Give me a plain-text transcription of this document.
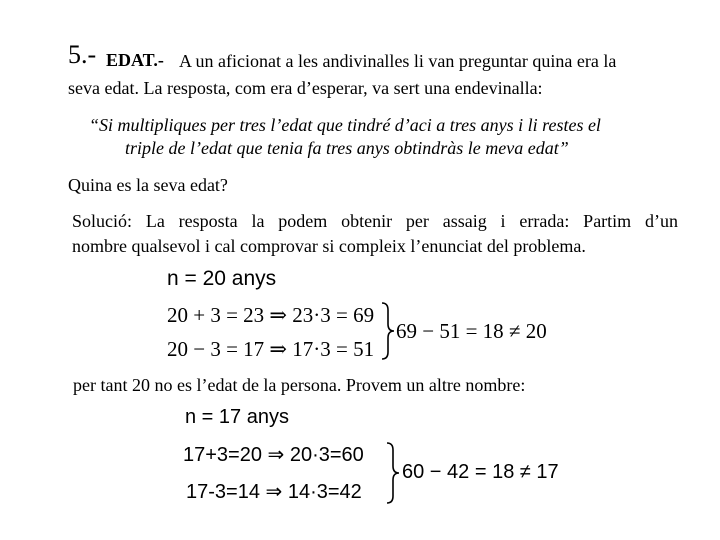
5.- EDAT.- A un aficionat a les andivinalles li van preguntar quina era la
seva edat. La resposta, com era d’esperar, va sert una endevinalla:
“Si multipliques per tres l’edat que tindré d’aci a tres anys i li restes el
triple de l’edat que tenia fa tres anys obtindràs le meva edat”
Quina es la seva edat?
Solució: La resposta la podem obtenir per assaig i errada: Partim d’un
nombre qualsevol i cal comprovar si compleix l’enunciat del problema.
n = 20 anys
20 + 3 = 23 ⇒ 23·3 = 69
20 − 3 = 17 ⇒ 17·3 = 51
69 − 51 = 18 ≠ 20
per tant 20 no es l’edat de la persona. Provem un altre nombre:
n = 17 anys
17+3=20 ⇒ 20·3=60
17-3=14 ⇒ 14·3=42
60 − 42 = 18 ≠ 17
